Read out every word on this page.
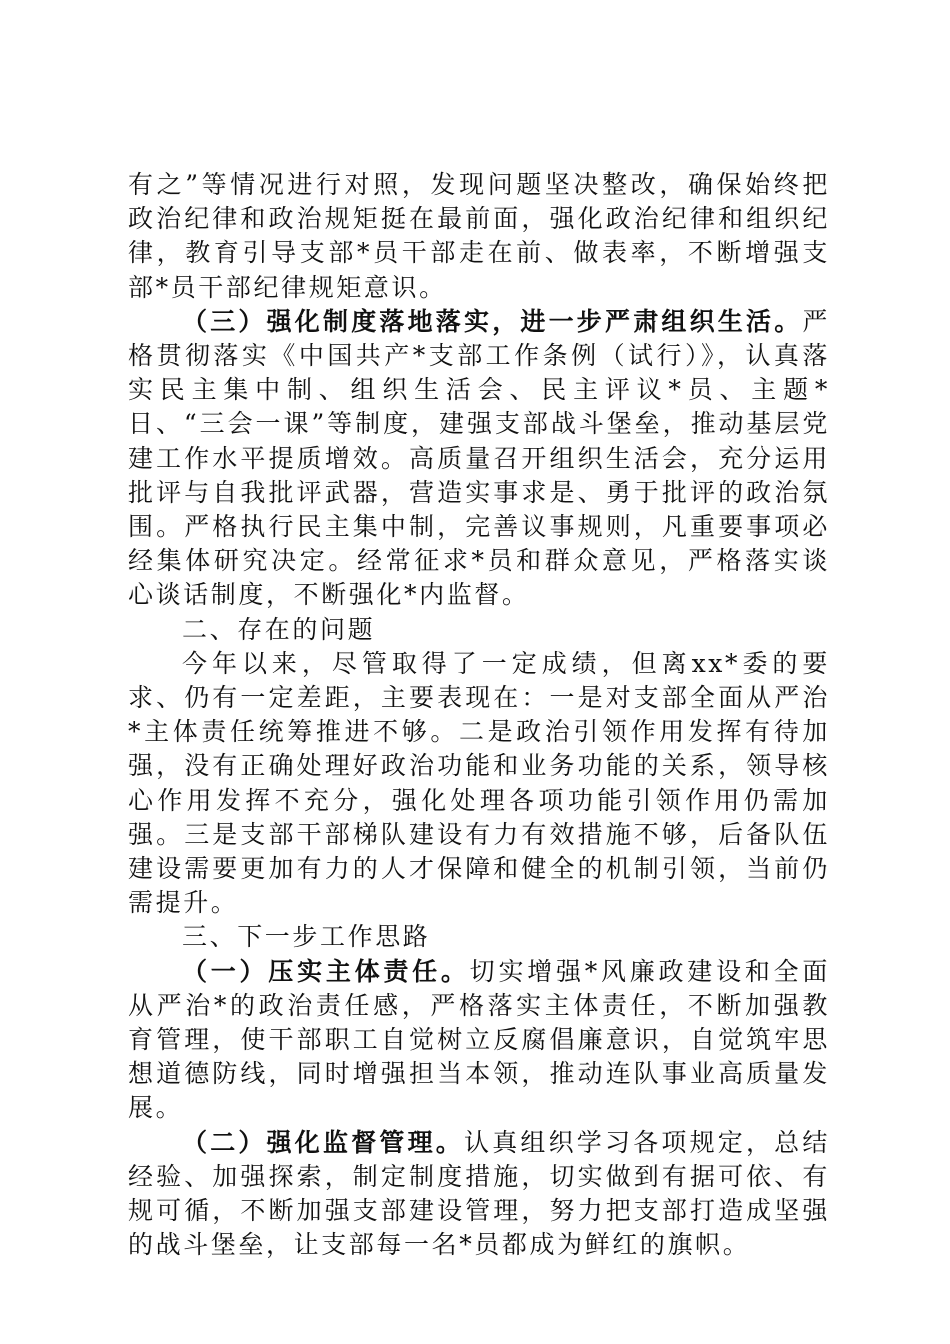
有之”等情况进行对照，发现问题坚决整改，确保始终把政治纪律和政治规矩挺在最前面，强化政治纪律和组织纪律，教育引导支部*员干部走在前、做表率，不断增强支部*员干部纪律规矩意识。

（三）强化制度落地落实，进一步严肃组织生活。严格贯彻落实《中国共产*支部工作条例（试行）》，认真落实民主集中制、组织生活会、民主评议*员、主题*日、“三会一课”等制度，建强支部战斗堡垒，推动基层党建工作水平提质增效。高质量召开组织生活会，充分运用批评与自我批评武器，营造实事求是、勇于批评的政治氛围。严格执行民主集中制，完善议事规则，凡重要事项必经集体研究决定。经常征求*员和群众意见，严格落实谈心谈话制度，不断强化*内监督。

二、存在的问题

今年以来，尽管取得了一定成绩，但离xx*委的要求、仍有一定差距，主要表现在：一是对支部全面从严治*主体责任统筹推进不够。二是政治引领作用发挥有待加强，没有正确处理好政治功能和业务功能的关系，领导核心作用发挥不充分，强化处理各项功能引领作用仍需加强。三是支部干部梯队建设有力有效措施不够，后备队伍建设需要更加有力的人才保障和健全的机制引领，当前仍需提升。

三、下一步工作思路

（一）压实主体责任。切实增强*风廉政建设和全面从严治*的政治责任感，严格落实主体责任，不断加强教育管理，使干部职工自觉树立反腐倡廉意识，自觉筑牢思想道德防线，同时增强担当本领，推动连队事业高质量发展。

（二）强化监督管理。认真组织学习各项规定，总结经验、加强探索，制定制度措施，切实做到有据可依、有规可循，不断加强支部建设管理，努力把支部打造成坚强的战斗堡垒，让支部每一名*员都成为鲜红的旗帜。
